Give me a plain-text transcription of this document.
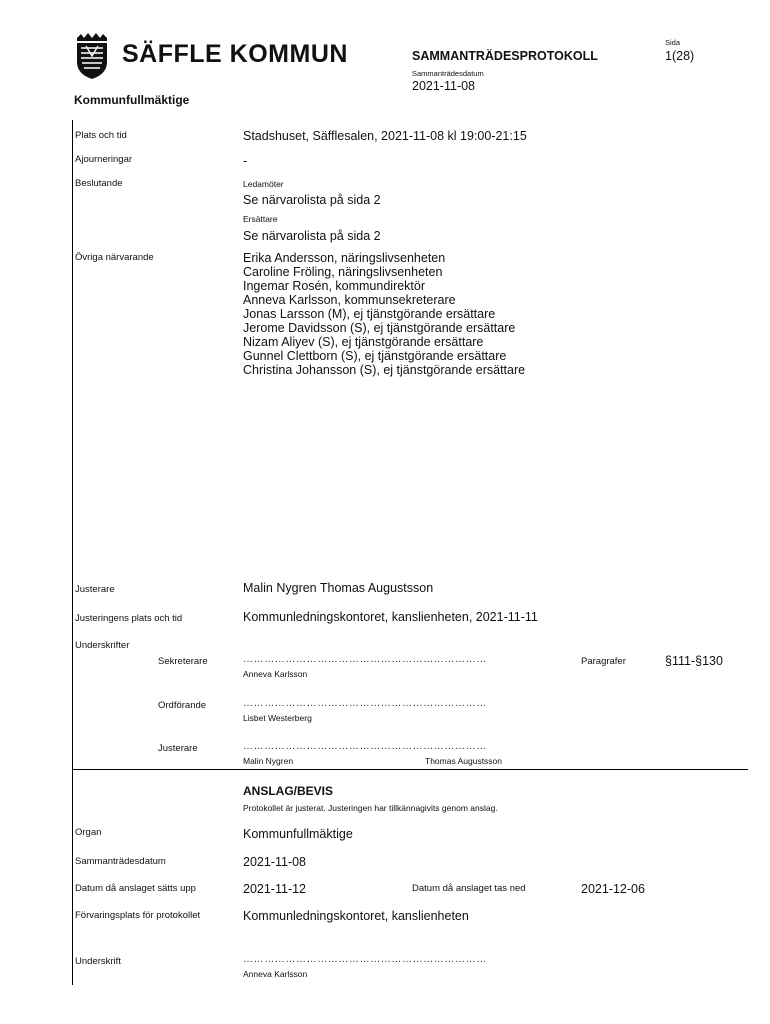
SÄFFLE KOMMUN	SAMMANTRÄDESPROTOKOLL
Sammanträdesdatum
2021-11-08
Sida
1(28)
Kommunfullmäktige
Plats och tid	Stadshuset, Säfflesalen, 2021-11-08 kl 19:00-21:15
Ajourneringar	-
Beslutande	Ledamöter
Se närvarolista på sida 2
Ersättare
Se närvarolista på sida 2
Övriga närvarande	Erika Andersson, näringslivsenheten
Caroline Fröling, näringslivsenheten
Ingemar Rosén, kommundirektör
Anneva Karlsson, kommunsekreterare
Jonas Larsson (M), ej tjänstgörande ersättare
Jerome Davidsson (S), ej tjänstgörande ersättare
Nizam Aliyev (S), ej tjänstgörande ersättare
Gunnel Clettborn (S), ej tjänstgörande ersättare
Christina Johansson (S), ej tjänstgörande ersättare
Justerare	Malin Nygren Thomas Augustsson
Justeringens plats och tid	Kommunledningskontoret, kanslienheten, 2021-11-11
Underskrifter
Sekreterare	……………………………………………………………
Anneva Karlsson
Paragrafer	§111-§130
Ordförande	……………………………………………………………
Lisbet Westerberg
Justerare	……………………………………………………………
Malin Nygren	Thomas Augustsson
ANSLAG/BEVIS
Protokollet är justerat. Justeringen har tillkännagivits genom anslag.
Organ	Kommunfullmäktige
Sammanträdesdatum	2021-11-08
Datum då anslaget sätts upp	2021-11-12	Datum då anslaget tas ned	2021-12-06
Förvaringsplats för protokollet	Kommunledningskontoret, kanslienheten
Underskrift	……………………………………………………………
Anneva Karlsson
